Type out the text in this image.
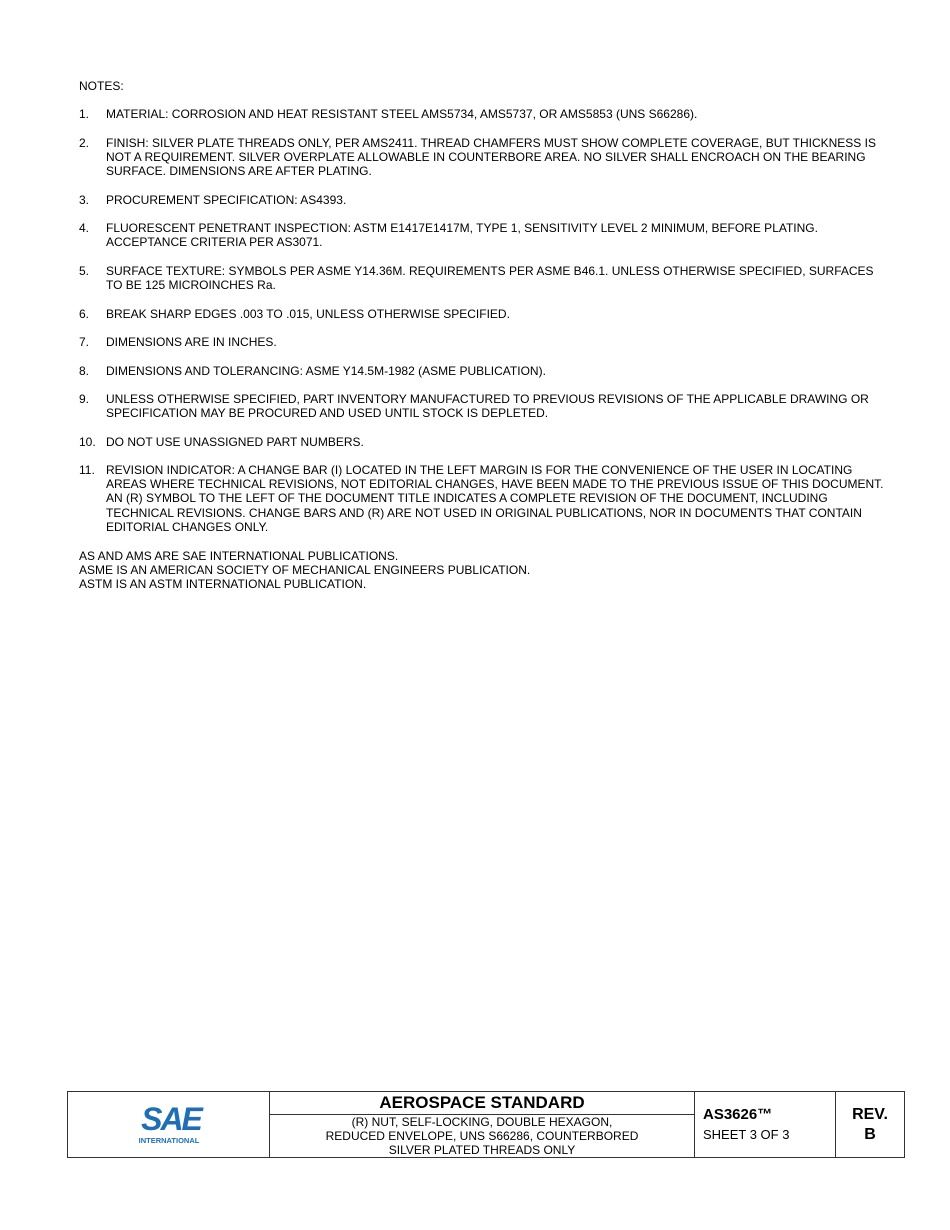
NOTES:
1.	MATERIAL: CORROSION AND HEAT RESISTANT STEEL AMS5734, AMS5737, OR AMS5853 (UNS S66286).
2.	FINISH: SILVER PLATE THREADS ONLY, PER AMS2411. THREAD CHAMFERS MUST SHOW COMPLETE COVERAGE, BUT THICKNESS IS NOT A REQUIREMENT. SILVER OVERPLATE ALLOWABLE IN COUNTERBORE AREA. NO SILVER SHALL ENCROACH ON THE BEARING SURFACE. DIMENSIONS ARE AFTER PLATING.
3.	PROCUREMENT SPECIFICATION: AS4393.
4.	FLUORESCENT PENETRANT INSPECTION: ASTM E1417E1417M, TYPE 1, SENSITIVITY LEVEL 2 MINIMUM, BEFORE PLATING. ACCEPTANCE CRITERIA PER AS3071.
5.	SURFACE TEXTURE: SYMBOLS PER ASME Y14.36M. REQUIREMENTS PER ASME B46.1. UNLESS OTHERWISE SPECIFIED, SURFACES TO BE 125 MICROINCHES Ra.
6.	BREAK SHARP EDGES .003 TO .015, UNLESS OTHERWISE SPECIFIED.
7.	DIMENSIONS ARE IN INCHES.
8.	DIMENSIONS AND TOLERANCING: ASME Y14.5M-1982 (ASME PUBLICATION).
9.	UNLESS OTHERWISE SPECIFIED, PART INVENTORY MANUFACTURED TO PREVIOUS REVISIONS OF THE APPLICABLE DRAWING OR SPECIFICATION MAY BE PROCURED AND USED UNTIL STOCK IS DEPLETED.
10. DO NOT USE UNASSIGNED PART NUMBERS.
11. REVISION INDICATOR: A CHANGE BAR (I) LOCATED IN THE LEFT MARGIN IS FOR THE CONVENIENCE OF THE USER IN LOCATING AREAS WHERE TECHNICAL REVISIONS, NOT EDITORIAL CHANGES, HAVE BEEN MADE TO THE PREVIOUS ISSUE OF THIS DOCUMENT. AN (R) SYMBOL TO THE LEFT OF THE DOCUMENT TITLE INDICATES A COMPLETE REVISION OF THE DOCUMENT, INCLUDING TECHNICAL REVISIONS. CHANGE BARS AND (R) ARE NOT USED IN ORIGINAL PUBLICATIONS, NOR IN DOCUMENTS THAT CONTAIN EDITORIAL CHANGES ONLY.
AS AND AMS ARE SAE INTERNATIONAL PUBLICATIONS.
ASME IS AN AMERICAN SOCIETY OF MECHANICAL ENGINEERS PUBLICATION.
ASTM IS AN ASTM INTERNATIONAL PUBLICATION.
SAE
INTERNATIONAL
AEROSPACE STANDARD
(R) NUT, SELF-LOCKING, DOUBLE HEXAGON,
REDUCED ENVELOPE, UNS S66286, COUNTERBORED
SILVER PLATED THREADS ONLY
AS3626™
SHEET 3 OF 3
REV.
B
